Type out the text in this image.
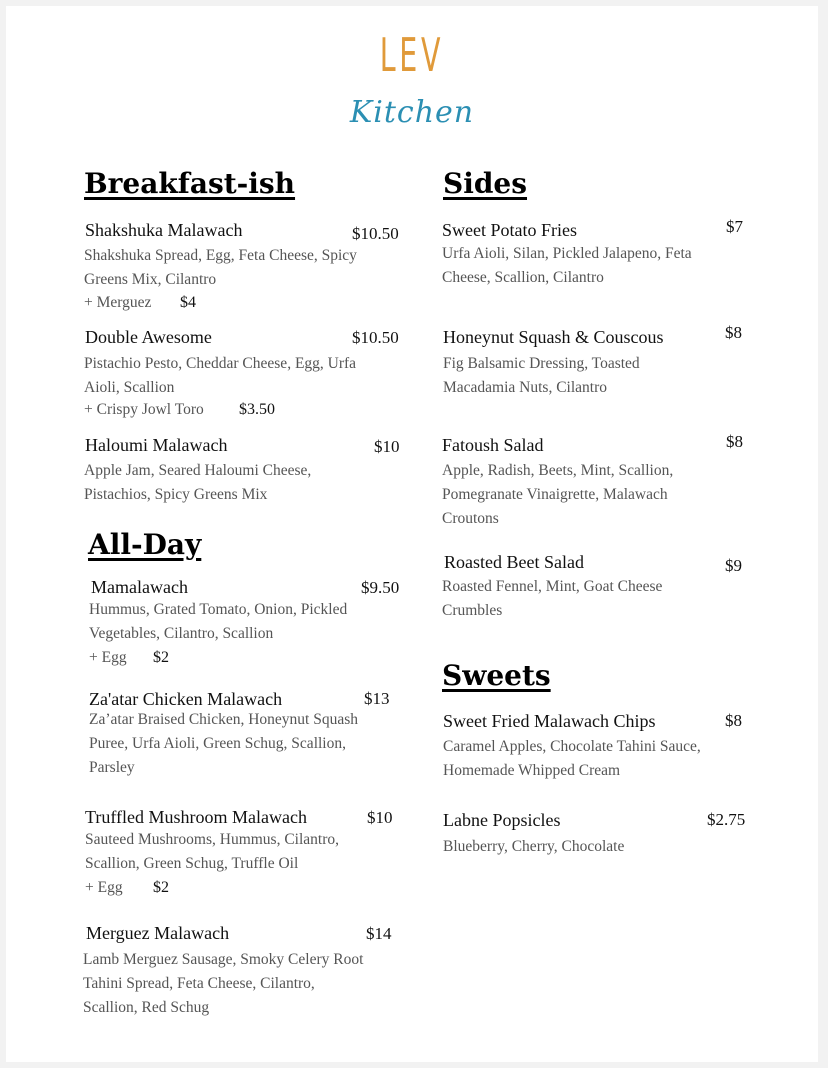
LEV
Kitchen
Breakfast-ish
Shakshuka Malawach	$10.50
Shakshuka Spread, Egg, Feta Cheese, Spicy Greens Mix, Cilantro
+ Merguez $4
Double Awesome	$10.50
Pistachio Pesto, Cheddar Cheese, Egg, Urfa Aioli, Scallion
+ Crispy Jowl Toro $3.50
Haloumi Malawach	$10
Apple Jam, Seared Haloumi Cheese, Pistachios, Spicy Greens Mix
All-Day
Mamalawach	$9.50
Hummus, Grated Tomato, Onion, Pickled Vegetables, Cilantro, Scallion
+ Egg $2
Za'atar Chicken Malawach	$13
Za’atar Braised Chicken, Honeynut Squash Puree, Urfa Aioli, Green Schug, Scallion, Parsley
Truffled Mushroom Malawach	$10
Sauteed Mushrooms, Hummus, Cilantro, Scallion, Green Schug, Truffle Oil
+ Egg $2
Merguez Malawach	$14
Lamb Merguez Sausage, Smoky Celery Root Tahini Spread, Feta Cheese, Cilantro, Scallion, Red Schug
Sides
Sweet Potato Fries	$7
Urfa Aioli, Silan, Pickled Jalapeno, Feta Cheese, Scallion, Cilantro
Honeynut Squash & Couscous	$8
Fig Balsamic Dressing, Toasted Macadamia Nuts, Cilantro
Fatoush Salad	$8
Apple, Radish, Beets, Mint, Scallion, Pomegranate Vinaigrette, Malawach Croutons
Roasted Beet Salad	$9
Roasted Fennel, Mint, Goat Cheese Crumbles
Sweets
Sweet Fried Malawach Chips	$8
Caramel Apples, Chocolate Tahini Sauce, Homemade Whipped Cream
Labne Popsicles	$2.75
Blueberry, Cherry, Chocolate
